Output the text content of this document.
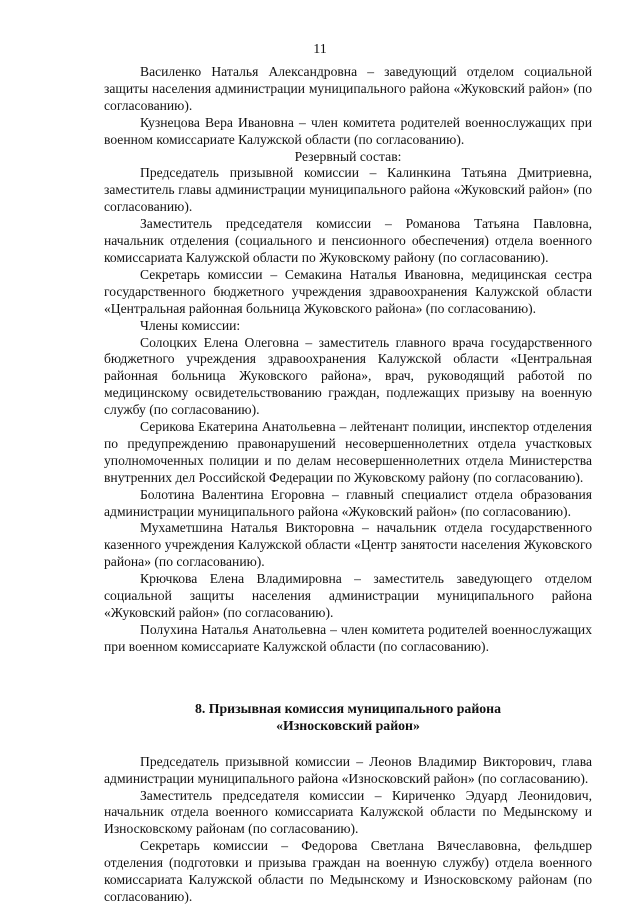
11

Василенко Наталья Александровна – заведующий отделом социальной защиты населения администрации муниципального района «Жуковский район» (по согласованию).

Кузнецова Вера Ивановна – член комитета родителей военнослужащих при военном комиссариате Калужской области (по согласованию).

Резервный состав:

Председатель призывной комиссии – Калинкина Татьяна Дмитриевна, заместитель главы администрации муниципального района «Жуковский район» (по согласованию).

Заместитель председателя комиссии – Романова Татьяна Павловна, начальник отделения (социального и пенсионного обеспечения) отдела военного комиссариата Калужской области по Жуковскому району (по согласованию).

Секретарь комиссии – Семакина Наталья Ивановна, медицинская сестра государственного бюджетного учреждения здравоохранения Калужской области «Центральная районная больница Жуковского района» (по согласованию).

Члены комиссии:

Солоцких Елена Олеговна – заместитель главного врача государственного бюджетного учреждения здравоохранения Калужской области «Центральная районная больница Жуковского района», врач, руководящий работой по медицинскому освидетельствованию граждан, подлежащих призыву на военную службу (по согласованию).

Серикова Екатерина Анатольевна – лейтенант полиции, инспектор отделения по предупреждению правонарушений несовершеннолетних отдела участковых уполномоченных полиции и по делам несовершеннолетних отдела Министерства внутренних дел Российской Федерации по Жуковскому району (по согласованию).

Болотина Валентина Егоровна – главный специалист отдела образования администрации муниципального района «Жуковский район» (по согласованию).

Мухаметшина Наталья Викторовна – начальник отдела государственного казенного учреждения Калужской области «Центр занятости населения Жуковского района» (по согласованию).

Крючкова Елена Владимировна – заместитель заведующего отделом социальной защиты населения администрации муниципального района «Жуковский район» (по согласованию).

Полухина Наталья Анатольевна – член комитета родителей военнослужащих при военном комиссариате Калужской области (по согласованию).

8. Призывная комиссия муниципального района
«Износковский район»

Председатель призывной комиссии – Леонов Владимир Викторович, глава администрации муниципального района «Износковский район» (по согласованию).

Заместитель председателя комиссии – Кириченко Эдуард Леонидович, начальник отдела военного комиссариата Калужской области по Медынскому и Износковскому районам (по согласованию).

Секретарь комиссии – Федорова Светлана Вячеславовна, фельдшер отделения (подготовки и призыва граждан на военную службу) отдела военного комиссариата Калужской области по Медынскому и Износковскому районам (по согласованию).
